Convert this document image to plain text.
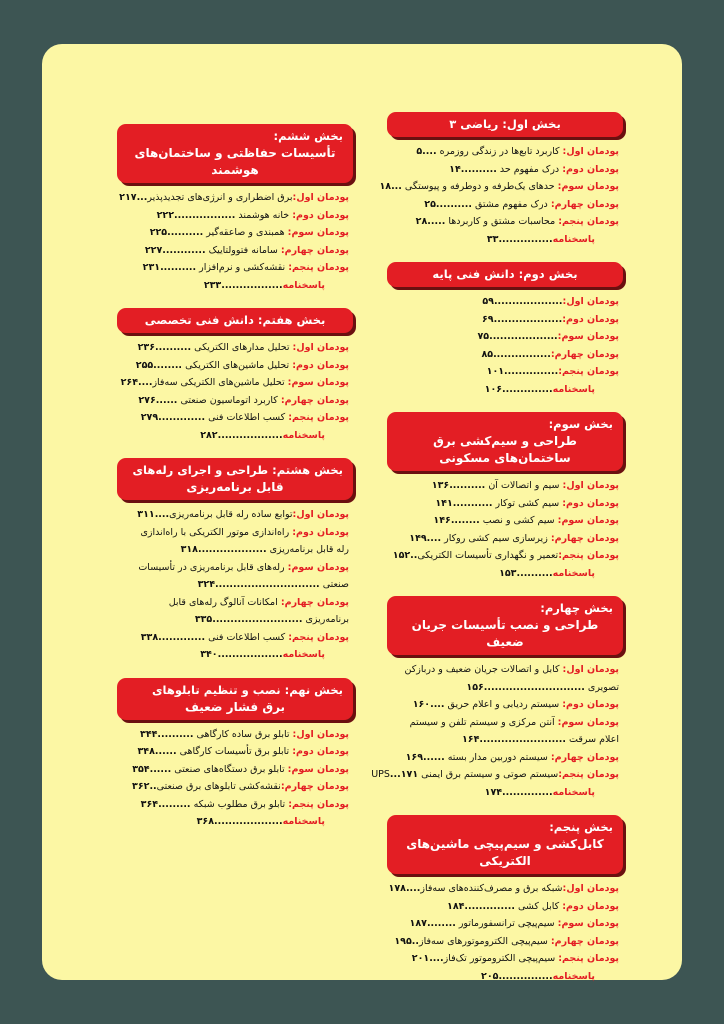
بخش اول: ریاضی ۳
پودمان اول: کاربرد تابع‌ها در زندگی روزمره ....۵
پودمان دوم: درک مفهوم حد ..........۱۴
پودمان سوم: حدهای یک‌طرفه و دوطرفه و پیوستگی ...۱۸
پودمان چهارم: درک مفهوم مشتق ..........۲۵
پودمان پنجم: محاسبات مشتق و کاربردها .....۲۸
پاسخنامه...............۳۳
بخش دوم: دانش فنی پایه
پودمان اول:...................۵۹
پودمان دوم:...................۶۹
پودمان سوم:...................۷۵
پودمان چهارم:................۸۵
پودمان پنجم:...............۱۰۱
پاسخنامه..............۱۰۶
بخش سوم:
طراحی و سیم‌کشی برق ساختمان‌های مسکونی
پودمان اول: سیم و اتصالات آن ..........۱۳۶
پودمان دوم: سیم کشی توکار ...........۱۴۱
پودمان سوم: سیم کشی و نصب ........۱۴۶
پودمان چهارم: زیرسازی سیم کشی روکار ....۱۴۹
پودمان پنجم:تعمیر و نگهداری تأسیسات الکتریکی..۱۵۲
پاسخنامه..........۱۵۳
بخش چهارم:
طراحی و نصب تأسیسات جریان ضعیف
پودمان اول: کابل و اتصالات جریان ضعیف و دربازکن
تصویری ............................۱۵۶
پودمان دوم: سیستم ردیابی و اعلام حریق ....۱۶۰
پودمان سوم: آنتن مرکزی و سیستم تلفن و سیستم
اعلام سرقت ........................۱۶۴
پودمان چهارم: سیستم دوربین مدار بسته ......۱۶۹
پودمان پنجم:سیستم صوتی و سیستم برق ایمنی UPS...۱۷۱
پاسخنامه..............۱۷۴
بخش پنجم:
کابل‌کشی و سیم‌پیچی ماشین‌های الکتریکی
پودمان اول:شبکه برق و مصرف‌کننده‌های سه‌فاز....۱۷۸
پودمان دوم: کابل کشی ..............۱۸۴
پودمان سوم: سیم‌پیچی ترانسفورماتور ........۱۸۷
پودمان چهارم: سیم‌پیچی الکتروموتورهای سه‌فاز..۱۹۵
پودمان پنجم: سیم‌پیچی الکتروموتور تک‌فاز....۲۰۱
پاسخنامه...............۲۰۵
بخش ششم:
تأسیسات حفاظتی و ساختمان‌های هوشمند
پودمان اول:برق اضطراری و انرژی‌های تجدیدپذیر...۲۱۷
پودمان دوم: خانه هوشمند .................۲۲۲
پودمان سوم: همبندی و صاعقه‌گیر ..........۲۲۵
پودمان چهارم: سامانه فتوولتاییک ............۲۲۷
پودمان پنجم: نقشه‌کشی و نرم‌افزار ..........۲۳۱
پاسخنامه.................۲۳۳
بخش هفتم: دانش فنی تخصصی
پودمان اول: تحلیل مدارهای الکتریکی ..........۲۳۶
پودمان دوم: تحلیل ماشین‌های الکتریکی ........۲۵۵
پودمان سوم: تحلیل ماشین‌های الکتریکی سه‌فاز....۲۶۴
پودمان چهارم: کاربرد اتوماسیون صنعتی ......۲۷۶
پودمان پنجم: کسب اطلاعات فنی .............۲۷۹
پاسخنامه..................۲۸۲
بخش هشتم: طراحی و اجرای رله‌های
قابل برنامه‌ریزی
پودمان اول:توابع ساده رله قابل برنامه‌ریزی....۳۱۱
پودمان دوم: راه‌اندازی موتور الکتریکی با راه‌اندازی
رله قابل برنامه‌ریزی ...................۳۱۸
پودمان سوم: رله‌های قابل برنامه‌ریزی در تأسیسات
صنعتی .............................۳۲۴
پودمان چهارم: امکانات آنالوگ رله‌های قابل
برنامه‌ریزی .........................۳۳۵
پودمان پنجم: کسب اطلاعات فنی .............۳۳۸
پاسخنامه..................۳۴۰
بخش نهم: نصب و تنظیم تابلوهای
برق فشار ضعیف
پودمان اول: تابلو برق ساده کارگاهی ..........۳۴۴
پودمان دوم: تابلو برق تأسیسات کارگاهی ......۳۴۸
پودمان سوم: تابلو برق دستگاه‌های صنعتی ......۳۵۴
پودمان چهارم:نقشه‌کشی تابلوهای برق صنعتی..۳۶۲
پودمان پنجم: تابلو برق مطلوب شبکه .........۳۶۴
پاسخنامه...................۳۶۸
